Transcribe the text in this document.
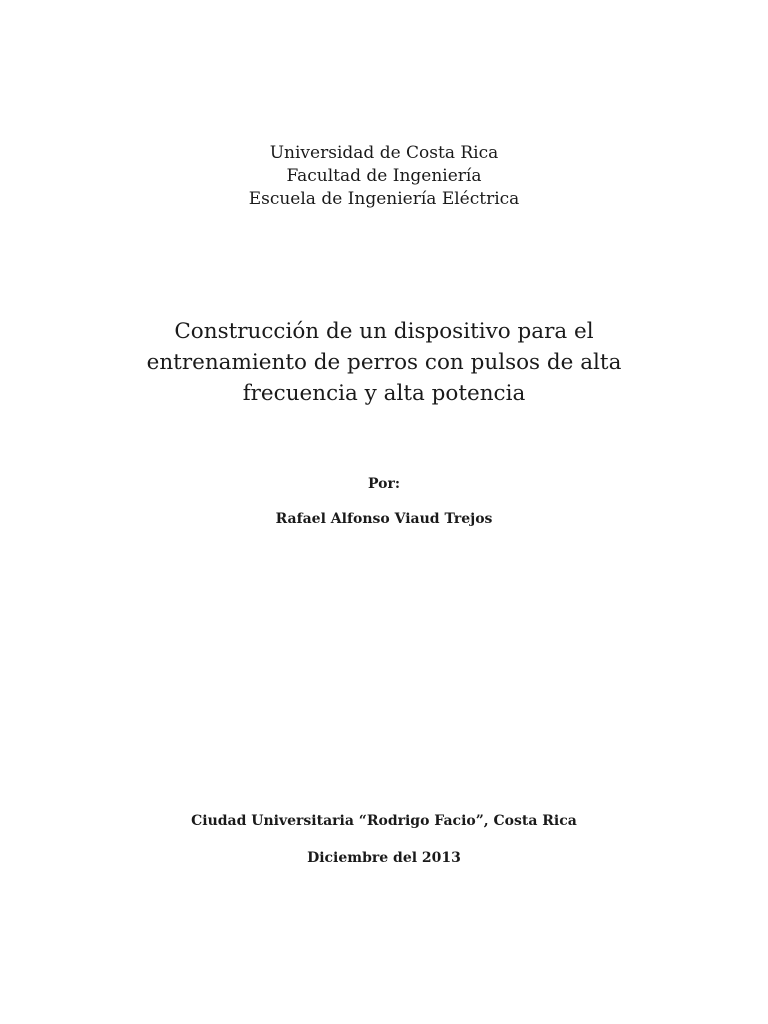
Universidad de Costa Rica
Facultad de Ingeniería
Escuela de Ingeniería Eléctrica
Construcción de un dispositivo para el
entrenamiento de perros con pulsos de alta
frecuencia y alta potencia
Por:
Rafael Alfonso Viaud Trejos
Ciudad Universitaria “Rodrigo Facio”, Costa Rica
Diciembre del 2013
